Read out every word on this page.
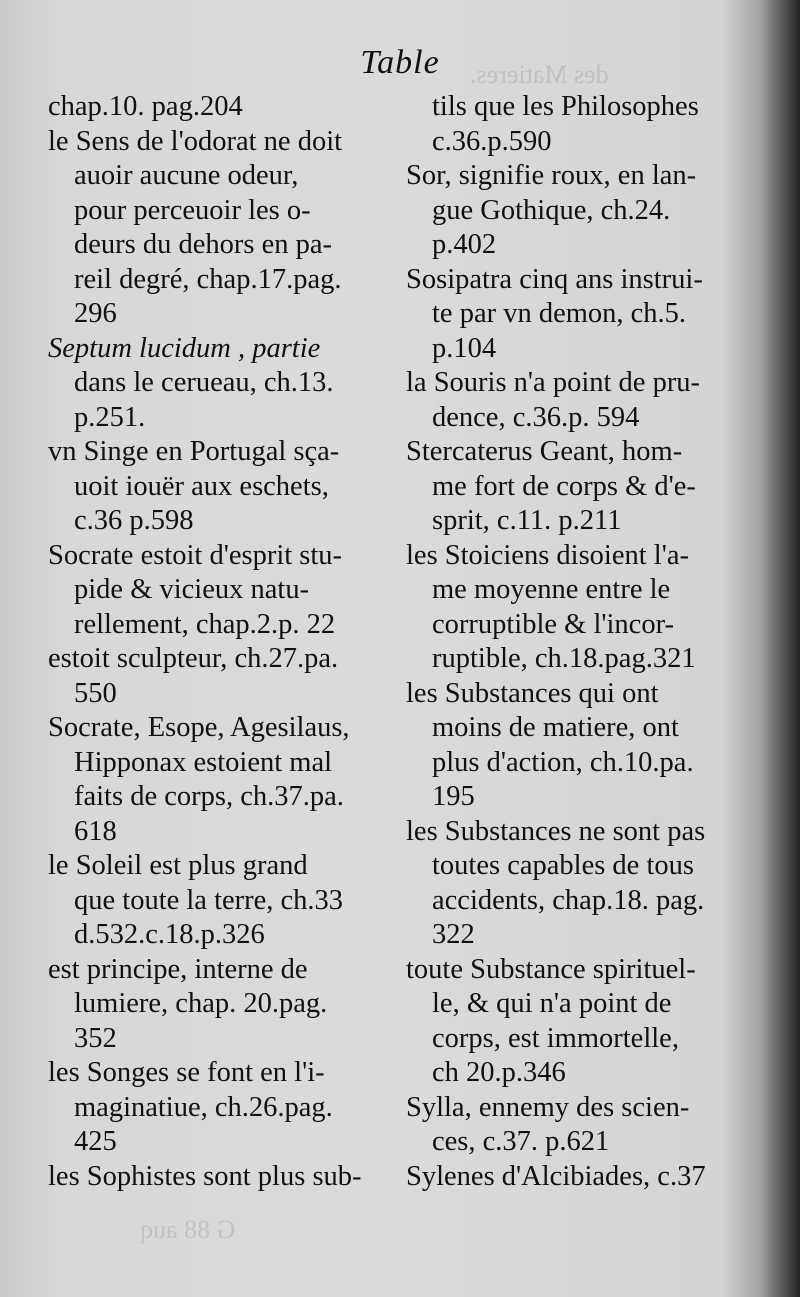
des Matieres.
G 88 auq
Table

chap.10. pag.204

le Sens de l'odorat ne doit

auoir aucune odeur,

pour perceuoir les o-

deurs du dehors en pa-

reil degré, chap.17.pag.

296

Septum lucidum , partie

dans le cerueau, ch.13.

p.251.

vn Singe en Portugal sça-

uoit iouër aux eschets,

c.36 p.598

Socrate estoit d'esprit stu-

pide & vicieux natu-

rellement, chap.2.p. 22

estoit sculpteur, ch.27.pa.

550

Socrate, Esope, Agesilaus,

Hipponax estoient mal

faits de corps, ch.37.pa.

618

le Soleil est plus grand

que toute la terre, ch.33

d.532.c.18.p.326

est principe, interne de

lumiere, chap. 20.pag.

352

les Songes se font en l'i-

maginatiue, ch.26.pag.

425

les Sophistes sont plus sub-

tils que les Philosophes

c.36.p.590

Sor, signifie roux, en lan-

gue Gothique, ch.24.

p.402

Sosipatra cinq ans instrui-

te par vn demon, ch.5.

p.104

la Souris n'a point de pru-

dence, c.36.p. 594

Stercaterus Geant, hom-

me fort de corps & d'e-

sprit, c.11. p.211

les Stoiciens disoient l'a-

me moyenne entre le

corruptible & l'incor-

ruptible, ch.18.pag.321

les Substances qui ont

moins de matiere, ont

plus d'action, ch.10.pa.

195

les Substances ne sont pas

toutes capables de tous

accidents, chap.18. pag.

322

toute Substance spirituel-

le, & qui n'a point de

corps, est immortelle,

ch 20.p.346

Sylla, ennemy des scien-

ces, c.37. p.621

Sylenes d'Alcibiades, c.37
